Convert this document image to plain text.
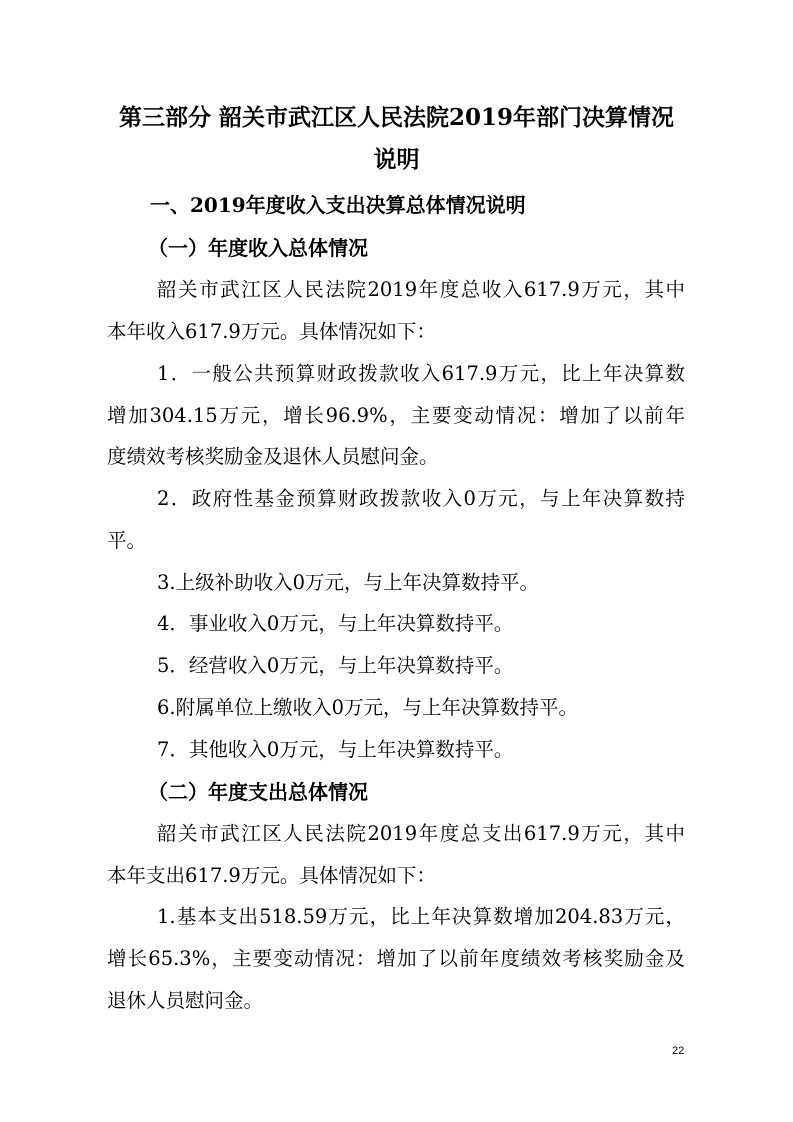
第三部分 韶关市武江区人民法院2019年部门决算情况
说明
一、2019年度收入支出决算总体情况说明
（一）年度收入总体情况
韶关市武江区人民法院2019年度总收入617.9万元，其中
本年收入617.9万元。具体情况如下：
1．一般公共预算财政拨款收入617.9万元，比上年决算数
增加304.15万元，增长96.9%，主要变动情况：增加了以前年
度绩效考核奖励金及退休人员慰问金。
2．政府性基金预算财政拨款收入0万元，与上年决算数持
平。
3.上级补助收入0万元，与上年决算数持平。
4．事业收入0万元，与上年决算数持平。
5．经营收入0万元，与上年决算数持平。
6.附属单位上缴收入0万元，与上年决算数持平。
7．其他收入0万元，与上年决算数持平。
（二）年度支出总体情况
韶关市武江区人民法院2019年度总支出617.9万元，其中
本年支出617.9万元。具体情况如下：
1.基本支出518.59万元，比上年决算数增加204.83万元，
增长65.3%，主要变动情况：增加了以前年度绩效考核奖励金及
退休人员慰问金。
22
